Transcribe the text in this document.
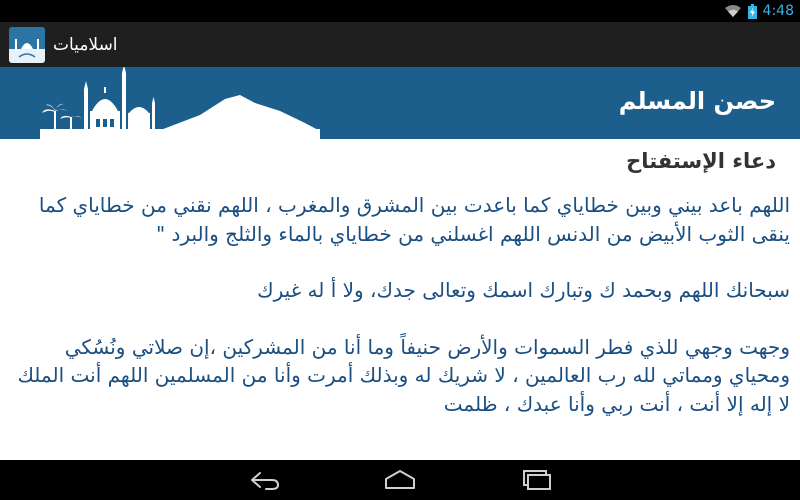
4:48
اسلاميات
حصن المسلم
دعاء الإستفتاح

اللهم باعد بيني وبين خطاياي كما باعدت بين المشرق والمغرب ، اللهم نقني من خطاياي كما ينقى الثوب الأبيض من الدنس اللهم اغسلني من خطاياي بالماء والثلج والبرد "

سبحانك اللهم وبحمد ك وتبارك اسمك وتعالى جدك، ولا أ له غيرك

وجهت وجهي للذي فطر السموات والأرض حنيفاً وما أنا من المشركين ،إن صلاتي ونُسُكي ومحياي ومماتي لله رب العالمين ، لا شريك له وبذلك أمرت وأنا من المسلمين اللهم أنت الملك لا إله إلا أنت ، أنت ربي وأنا عبدك ، ظلمت
